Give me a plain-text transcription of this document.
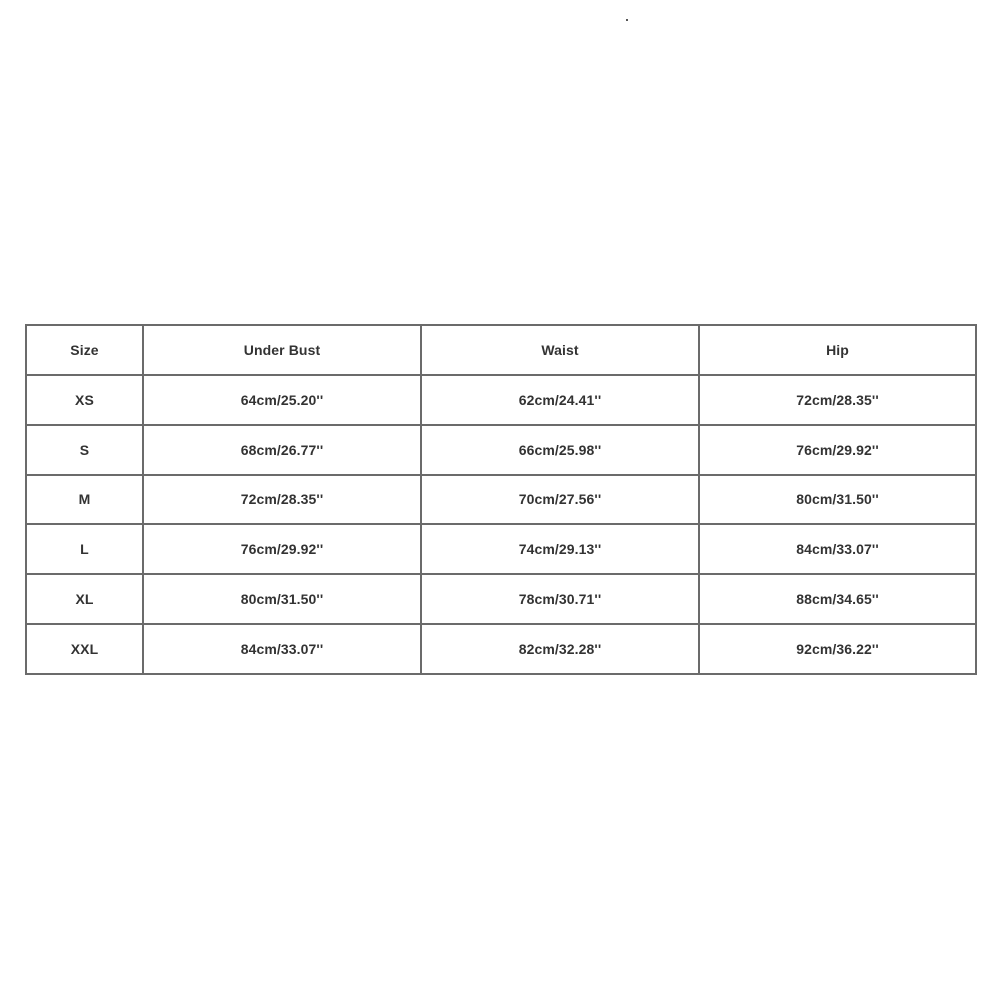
Size	Under Bust	Waist	Hip
XS	64cm/25.20''	62cm/24.41''	72cm/28.35''
S	68cm/26.77''	66cm/25.98''	76cm/29.92''
M	72cm/28.35''	70cm/27.56''	80cm/31.50''
L	76cm/29.92''	74cm/29.13''	84cm/33.07''
XL	80cm/31.50''	78cm/30.71''	88cm/34.65''
XXL	84cm/33.07''	82cm/32.28''	92cm/36.22''
